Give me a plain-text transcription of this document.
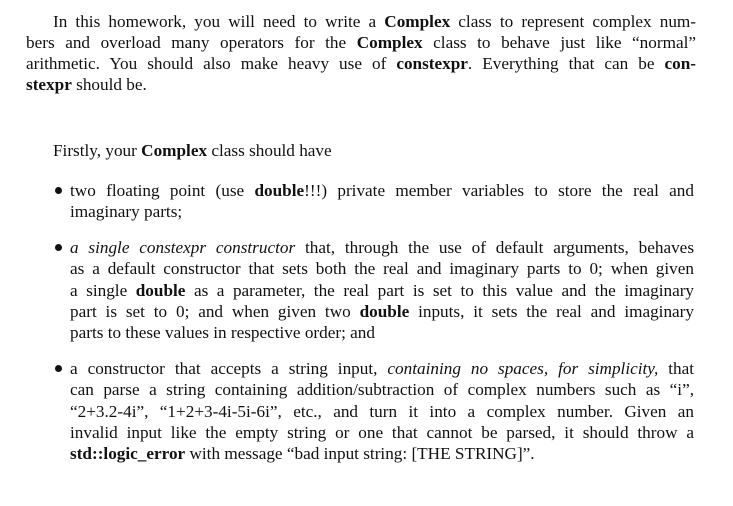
In this homework, you will need to write a Complex class to represent complex num-
bers and overload many operators for the Complex class to behave just like “normal”
arithmetic. You should also make heavy use of constexpr. Everything that can be con-
stexpr should be.

Firstly, your Complex class should have

two floating point (use double!!!) private member variables to store the real and
imaginary parts;
a single constexpr constructor that, through the use of default arguments, behaves
as a default constructor that sets both the real and imaginary parts to 0; when given
a single double as a parameter, the real part is set to this value and the imaginary
part is set to 0; and when given two double inputs, it sets the real and imaginary
parts to these values in respective order; and
a constructor that accepts a string input, containing no spaces, for simplicity, that
can parse a string containing addition/subtraction of complex numbers such as “i”,
“2+3.2-4i”, “1+2+3-4i-5i-6i”, etc., and turn it into a complex number. Given an
invalid input like the empty string or one that cannot be parsed, it should throw a
std::logic_error with message “bad input string: [THE STRING]”.
